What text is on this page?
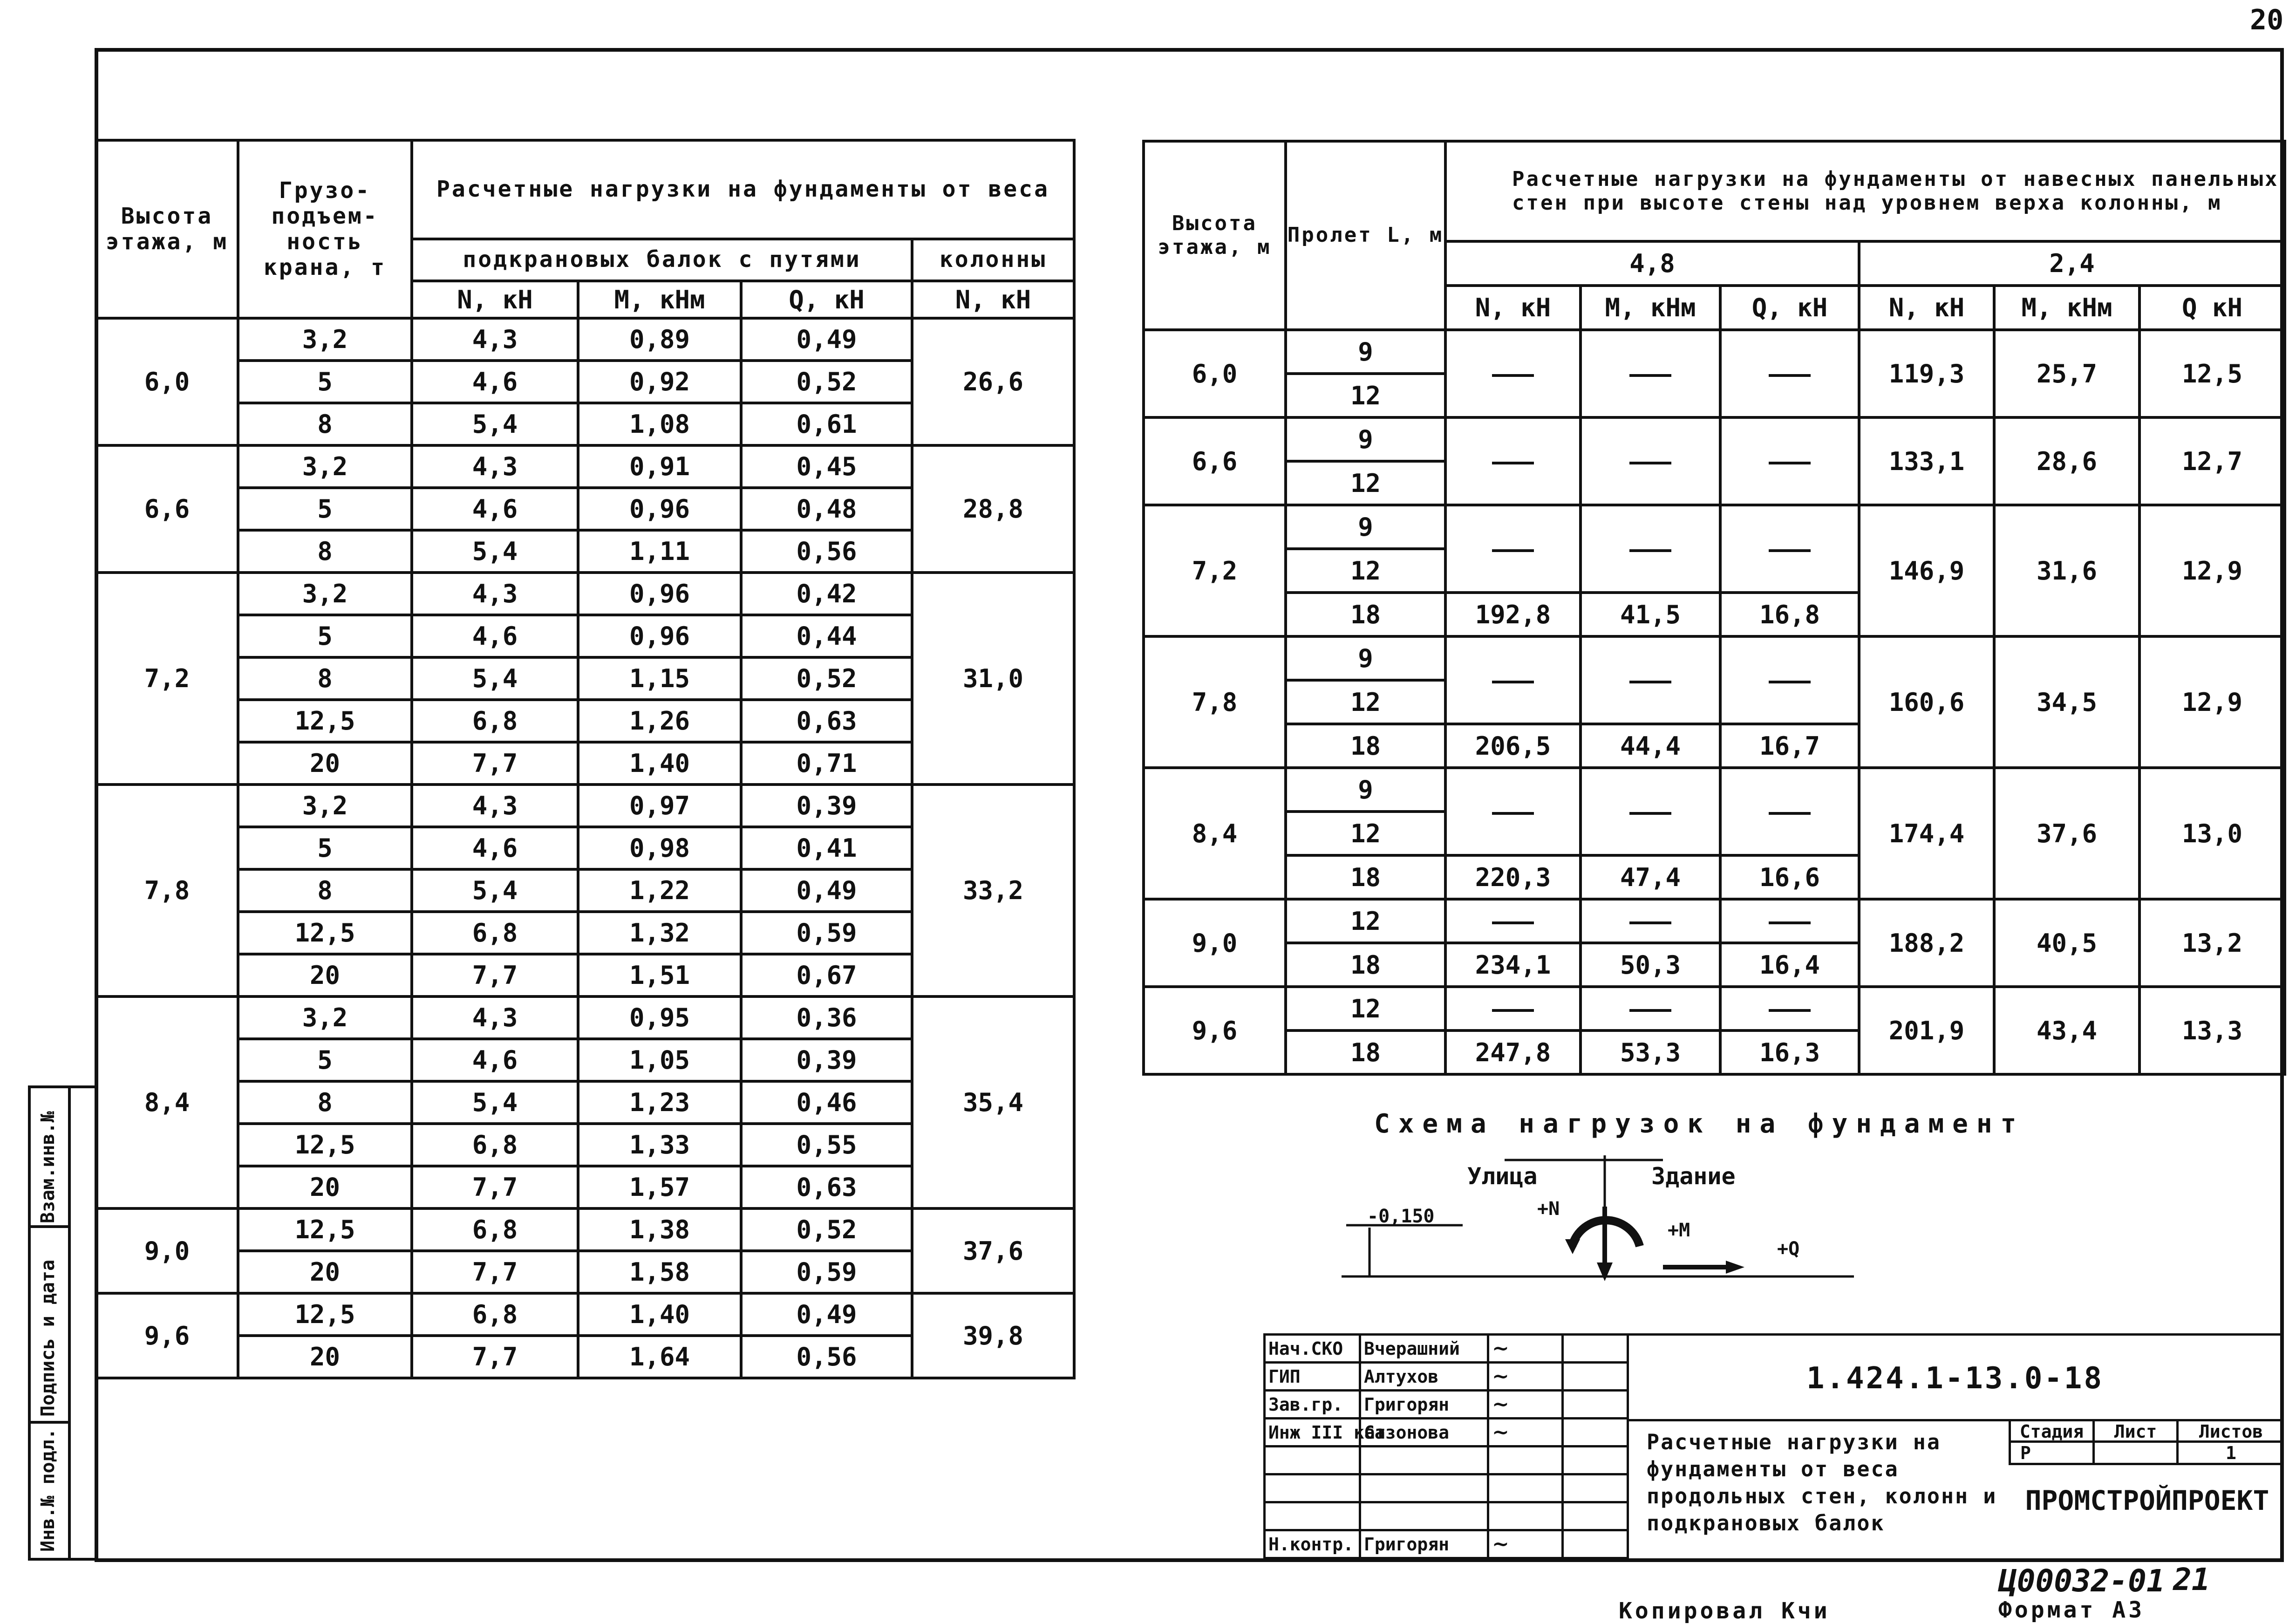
20
Высота этажа, м	Грузо-подъем-ность крана, т	Расчетные нагрузки на фундаменты от веса			
		подкрановых балок с путями			колонны
		N, кН	M, кНм	Q, кН	N, кН
6,0	3,2	4,3	0,89	0,49	26,6
	5	4,6	0,92	0,52	
	8	5,4	1,08	0,61	
6,6	3,2	4,3	0,91	0,45	28,8
	5	4,6	0,96	0,48	
	8	5,4	1,11	0,56	
7,2	3,2	4,3	0,96	0,42	31,0
	5	4,6	0,96	0,44	
	8	5,4	1,15	0,52	
	12,5	6,8	1,26	0,63	
	20	7,7	1,40	0,71	
7,8	3,2	4,3	0,97	0,39	33,2
	5	4,6	0,98	0,41	
	8	5,4	1,22	0,49	
	12,5	6,8	1,32	0,59	
	20	7,7	1,51	0,67	
8,4	3,2	4,3	0,95	0,36	35,4
	5	4,6	1,05	0,39	
	8	5,4	1,23	0,46	
	12,5	6,8	1,33	0,55	
	20	7,7	1,57	0,63	
9,0	12,5	6,8	1,38	0,52	37,6
	20	7,7	1,58	0,59	
9,6	12,5	6,8	1,40	0,49	39,8
	20	7,7	1,64	0,56	
Высота этажа, м	Пролет L, м	Расчетные нагрузки на фундаменты от навесных панельных стен при высоте стены над уровнем верха колонны, м					
		4,8			2,4		
		N, кН	M, кНм	Q, кН	N, кН	M, кНм	Q кН
6,0	9				119,3	25,7	12,5
	12						
6,6	9				133,1	28,6	12,7
	12						
7,2	9				146,9	31,6	12,9
	12						
	18	192,8	41,5	16,8			
7,8	9				160,6	34,5	12,9
	12						
	18	206,5	44,4	16,7			
8,4	9				174,4	37,6	13,0
	12						
	18	220,3	47,4	16,6			
9,0	12				188,2	40,5	13,2
	18	234,1	50,3	16,4			
9,6	12				201,9	43,4	13,3
	18	247,8	53,3	16,3			
Схема нагрузок на фундамент
Улица	Здание
-0,150	+N
+M
+Q
Нач.СКО	Вчерашний	~	
ГИП	Алтухов	~	
Зав.гр.	Григорян	~	
Инж III кат	Сазонова	~	

Н.контр.	Григорян	~	
1.424.1-13.0-18
Расчетные нагрузки на фундаменты от веса продольных стен, колонн и подкрановых балок
Стадия	Лист	Листов
Р	1
ПРОМСТРОЙПРОЕКТ
Взам.инв.№
Подпись и дата
Инв.№ подл.
Ц00032-01 21
Копировал Кчи	Формат А3
